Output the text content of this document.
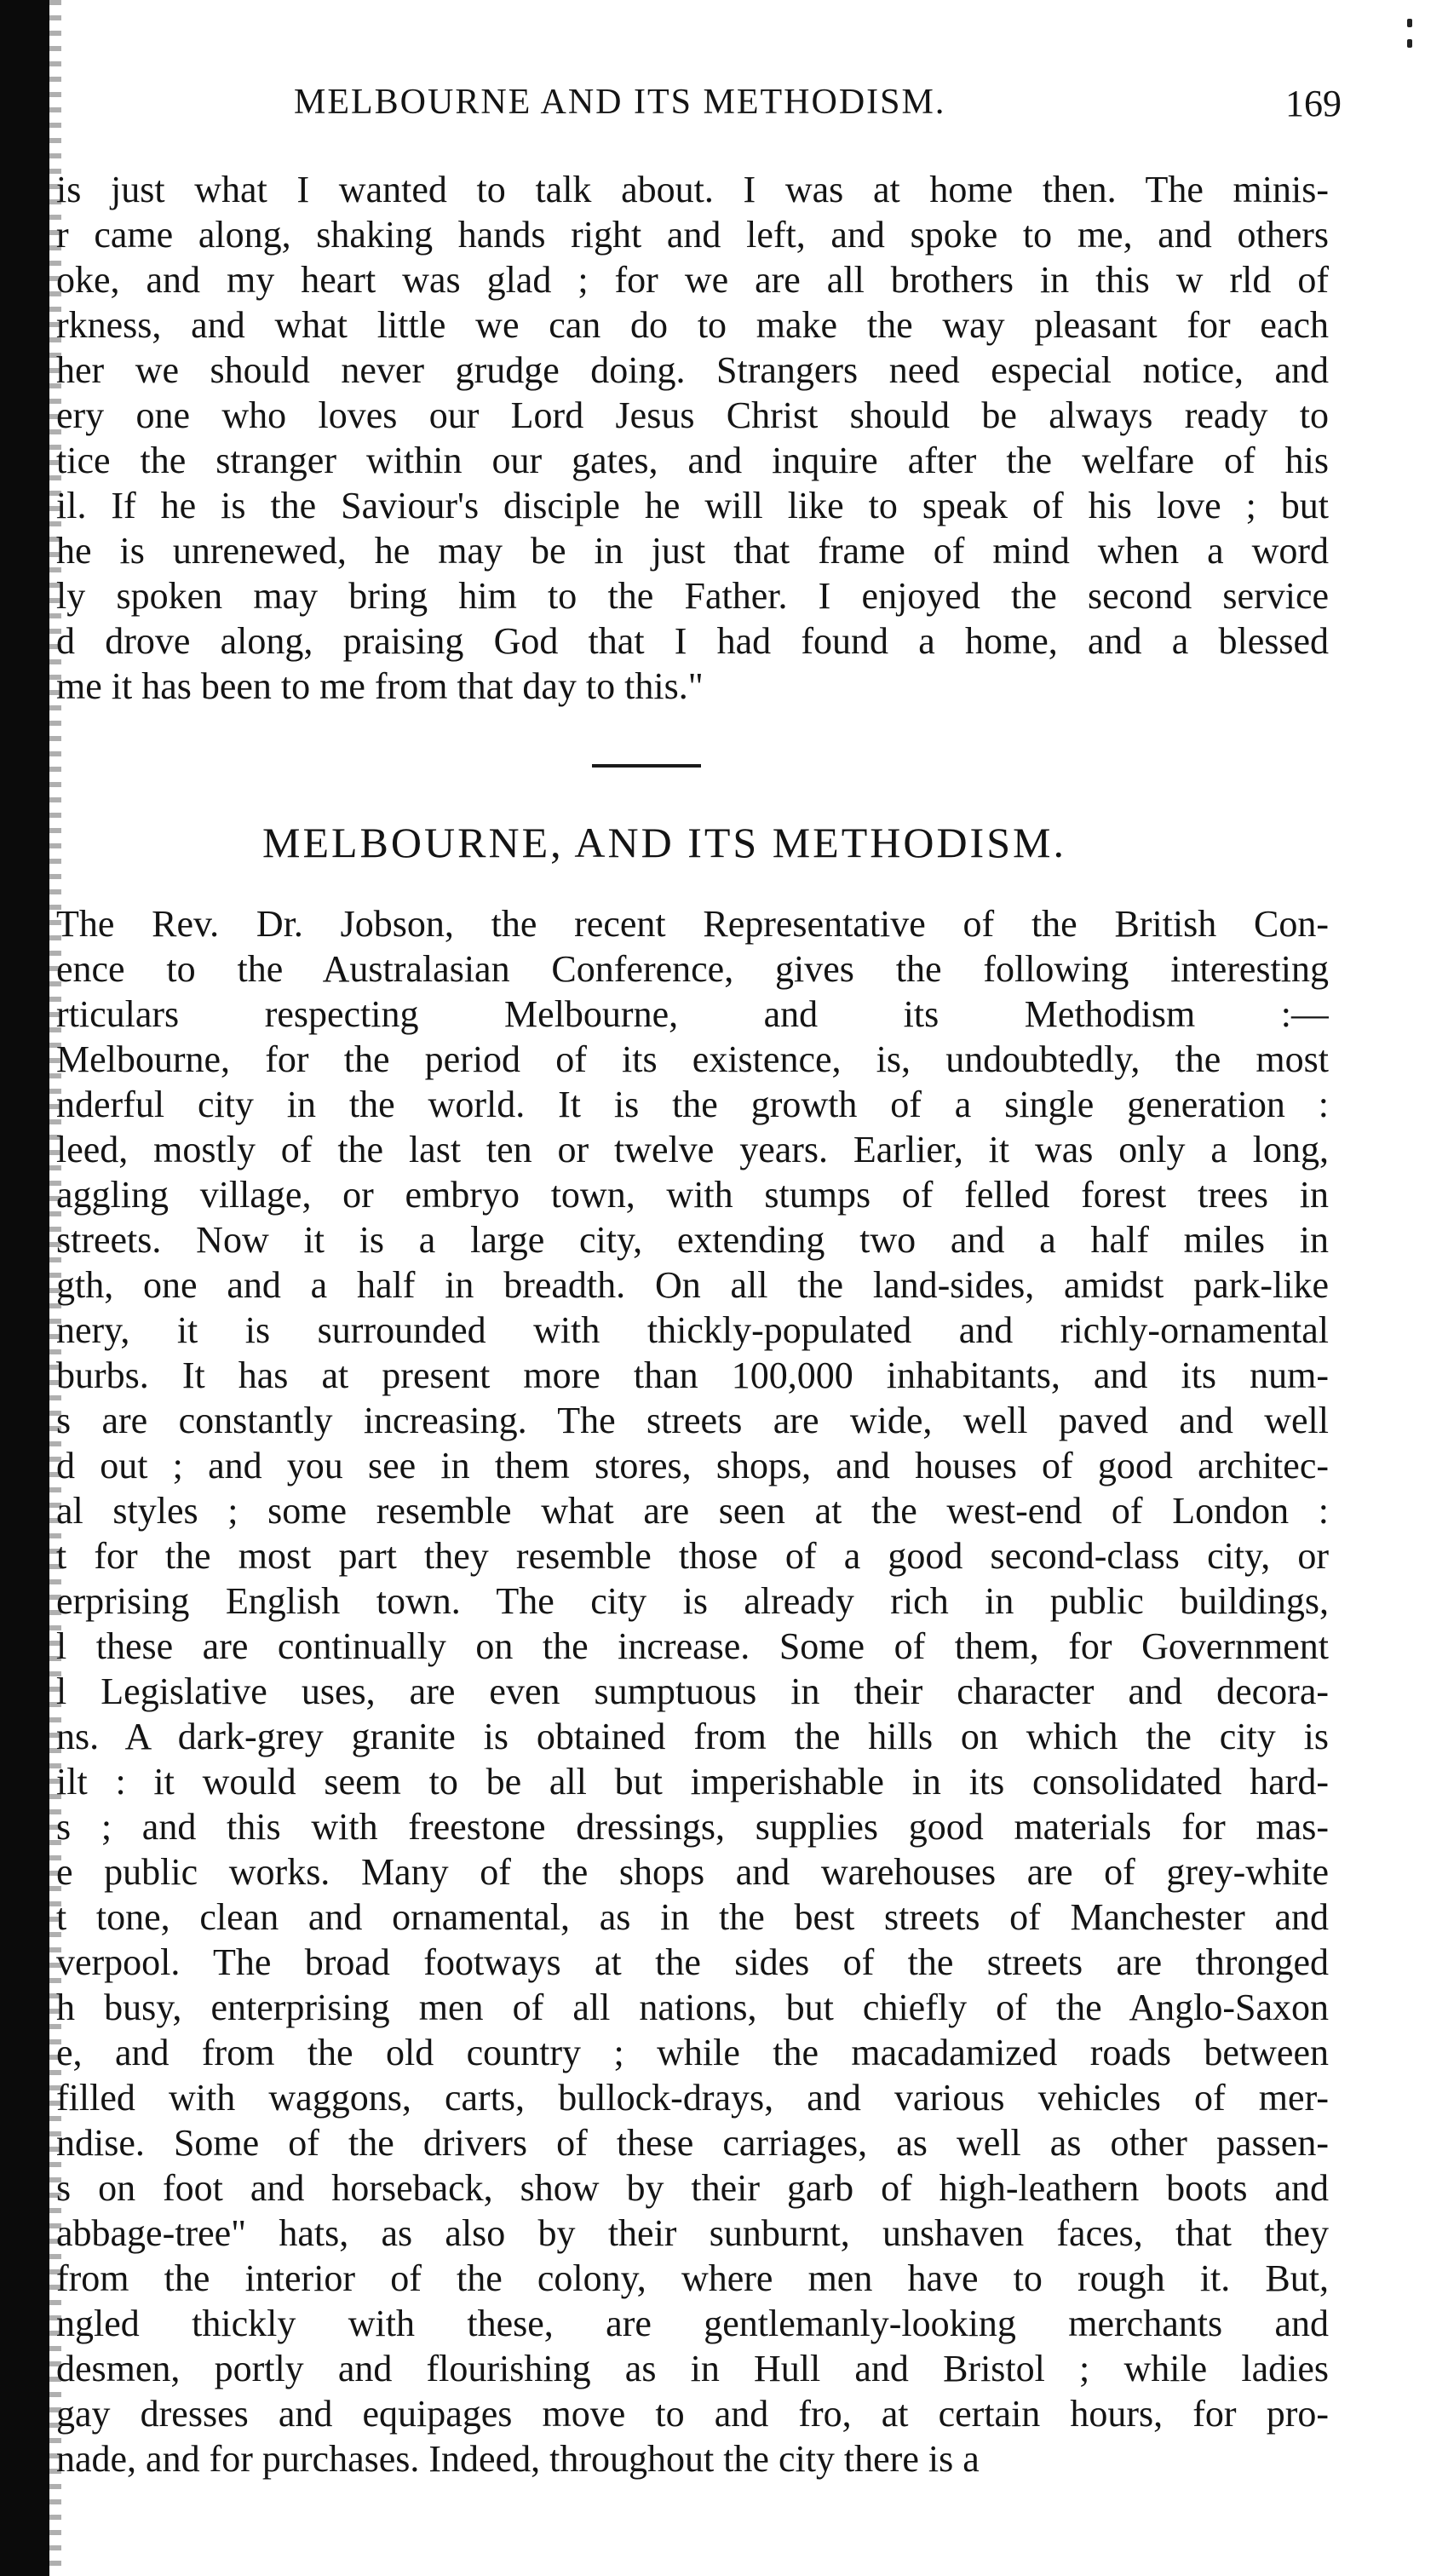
MELBOURNE AND ITS METHODISM.	169
is just what I wanted to talk about. I was at home then. The minis-
r came along, shaking hands right and left, and spoke to me, and others
oke, and my heart was glad ; for we are all brothers in this w rld of
rkness, and what little we can do to make the way pleasant for each
her we should never grudge doing. Strangers need especial notice, and
ery one who loves our Lord Jesus Christ should be always ready to
tice the stranger within our gates, and inquire after the welfare of his
il. If he is the Saviour's disciple he will like to speak of his love ; but
he is unrenewed, he may be in just that frame of mind when a word
ly spoken may bring him to the Father. I enjoyed the second service
d drove along, praising God that I had found a home, and a blessed
me it has been to me from that day to this."
MELBOURNE, AND ITS METHODISM.
The Rev. Dr. Jobson, the recent Representative of the British Con-
ence to the Australasian Conference, gives the following interesting
rticulars respecting Melbourne, and its Methodism :—
Melbourne, for the period of its existence, is, undoubtedly, the most
nderful city in the world. It is the growth of a single generation :
leed, mostly of the last ten or twelve years. Earlier, it was only a long,
aggling village, or embryo town, with stumps of felled forest trees in
streets. Now it is a large city, extending two and a half miles in
gth, one and a half in breadth. On all the land-sides, amidst park-like
nery, it is surrounded with thickly-populated and richly-ornamental
burbs. It has at present more than 100,000 inhabitants, and its num-
s are constantly increasing. The streets are wide, well paved and well
d out ; and you see in them stores, shops, and houses of good architec-
al styles ; some resemble what are seen at the west-end of London :
t for the most part they resemble those of a good second-class city, or
erprising English town. The city is already rich in public buildings,
l these are continually on the increase. Some of them, for Government
l Legislative uses, are even sumptuous in their character and decora-
ns. A dark-grey granite is obtained from the hills on which the city is
ilt : it would seem to be all but imperishable in its consolidated hard-
s ; and this with freestone dressings, supplies good materials for mas-
e public works. Many of the shops and warehouses are of grey-white
t tone, clean and ornamental, as in the best streets of Manchester and
verpool. The broad footways at the sides of the streets are thronged
h busy, enterprising men of all nations, but chiefly of the Anglo-Saxon
e, and from the old country ; while the macadamized roads between
filled with waggons, carts, bullock-drays, and various vehicles of mer-
ndise. Some of the drivers of these carriages, as well as other passen-
s on foot and horseback, show by their garb of high-leathern boots and
abbage-tree" hats, as also by their sunburnt, unshaven faces, that they
from the interior of the colony, where men have to rough it. But,
ngled thickly with these, are gentlemanly-looking merchants and
desmen, portly and flourishing as in Hull and Bristol ; while ladies
gay dresses and equipages move to and fro, at certain hours, for pro-
nade, and for purchases. Indeed, throughout the city there is a
